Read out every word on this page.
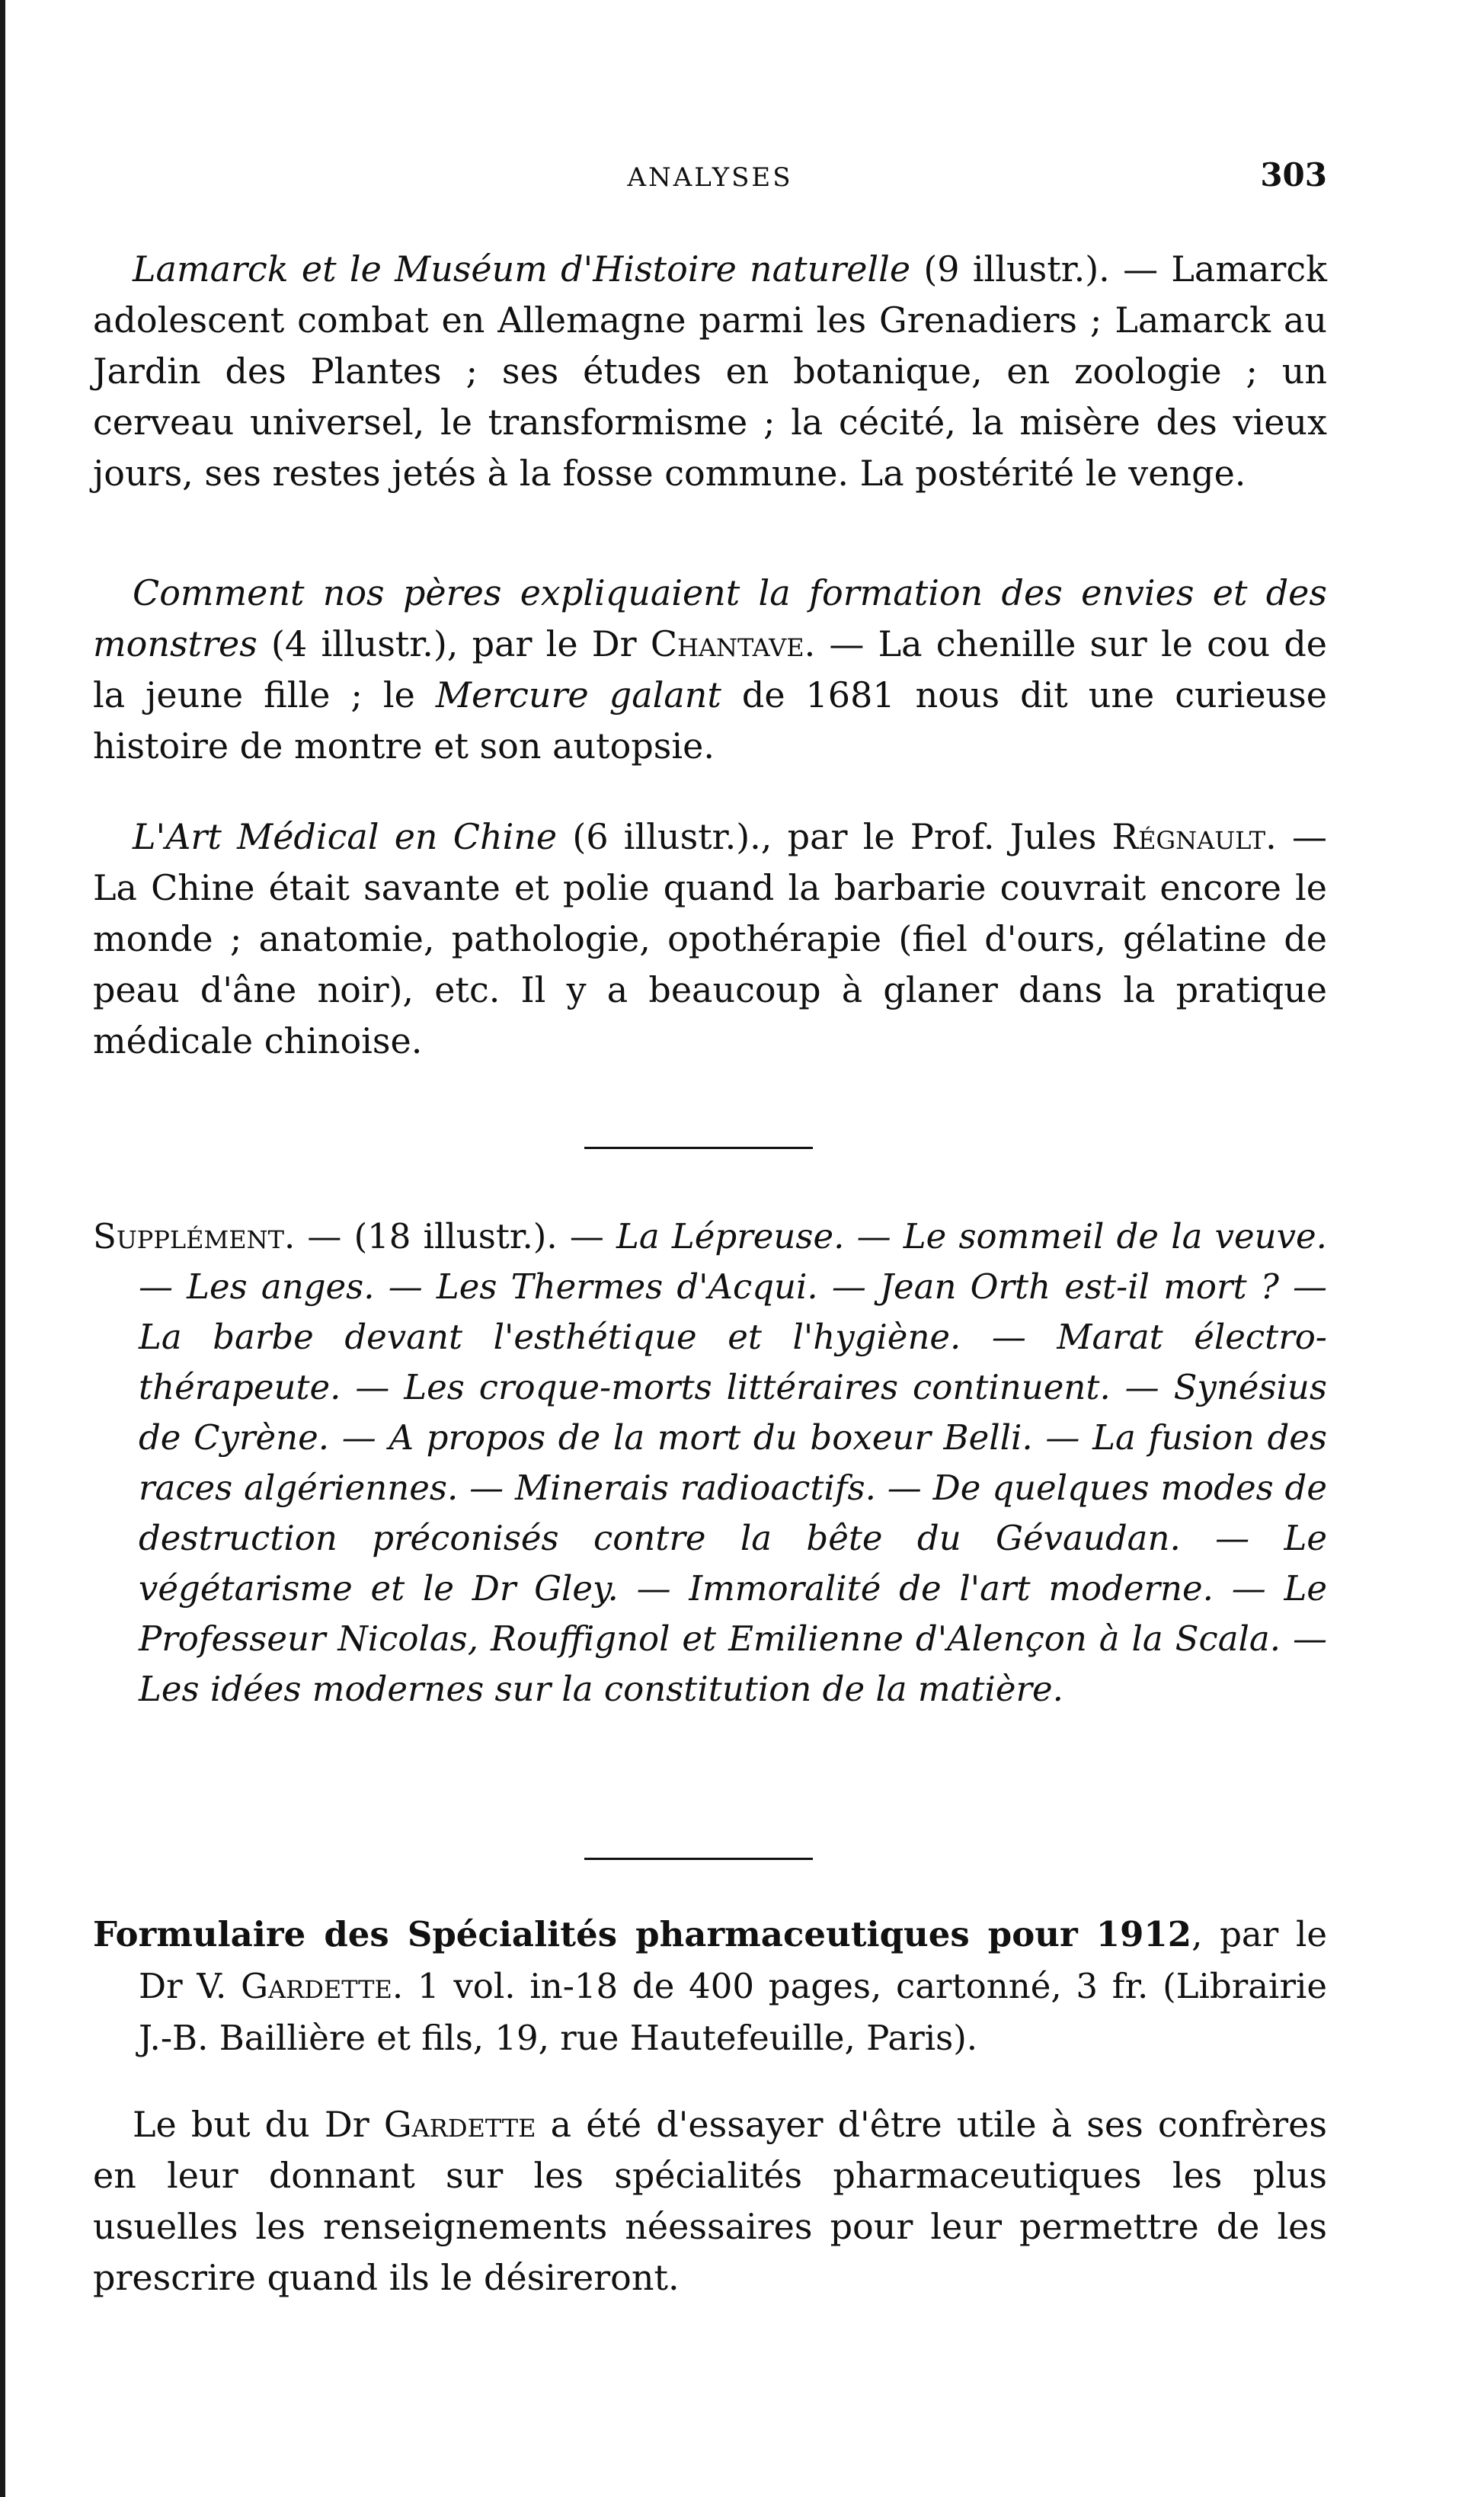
ANALYSES	303

Lamarck et le Muséum d'Histoire naturelle (9 illustr.). — Lamarck adolescent combat en Allemagne parmi les Grenadiers ; Lamarck au Jardin des Plantes ; ses études en botanique, en zoologie ; un cerveau universel, le transformisme ; la cécité, la misère des vieux jours, ses restes jetés à la fosse commune. La postérité le venge.

Comment nos pères expliquaient la formation des envies et des monstres (4 illustr.), par le Dr Chantave. — La chenille sur le cou de la jeune fille ; le Mercure galant de 1681 nous dit une curieuse histoire de montre et son autopsie.

L'Art Médical en Chine (6 illustr.)., par le Prof. Jules Régnault. — La Chine était savante et polie quand la barbarie couvrait encore le monde ; anatomie, pathologie, opothérapie (fiel d'ours, gélatine de peau d'âne noir), etc. Il y a beaucoup à glaner dans la pratique médicale chinoise.

Supplément. — (18 illustr.). — La Lépreuse. — Le sommeil de la veuve. — Les anges. — Les Thermes d'Acqui. — Jean Orth est-il mort ? — La barbe devant l'esthétique et l'hygiène. — Marat électro-thérapeute. — Les croque-morts littéraires continuent. — Synésius de Cyrène. — A propos de la mort du boxeur Belli. — La fusion des races algériennes. — Minerais radioactifs. — De quelques modes de destruction préconisés contre la bête du Gévaudan. — Le végétarisme et le Dr Gley. — Immoralité de l'art moderne. — Le Professeur Nicolas, Rouffignol et Emilienne d'Alençon à la Scala. — Les idées modernes sur la constitution de la matière.

Formulaire des Spécialités pharmaceutiques pour 1912, par le Dr V. Gardette. 1 vol. in-18 de 400 pages, cartonné, 3 fr. (Librairie J.-B. Baillière et fils, 19, rue Hautefeuille, Paris).

Le but du Dr Gardette a été d'essayer d'être utile à ses confrères en leur donnant sur les spécialités pharmaceutiques les plus usuelles les renseignements néessaires pour leur permettre de les prescrire quand ils le désireront.
